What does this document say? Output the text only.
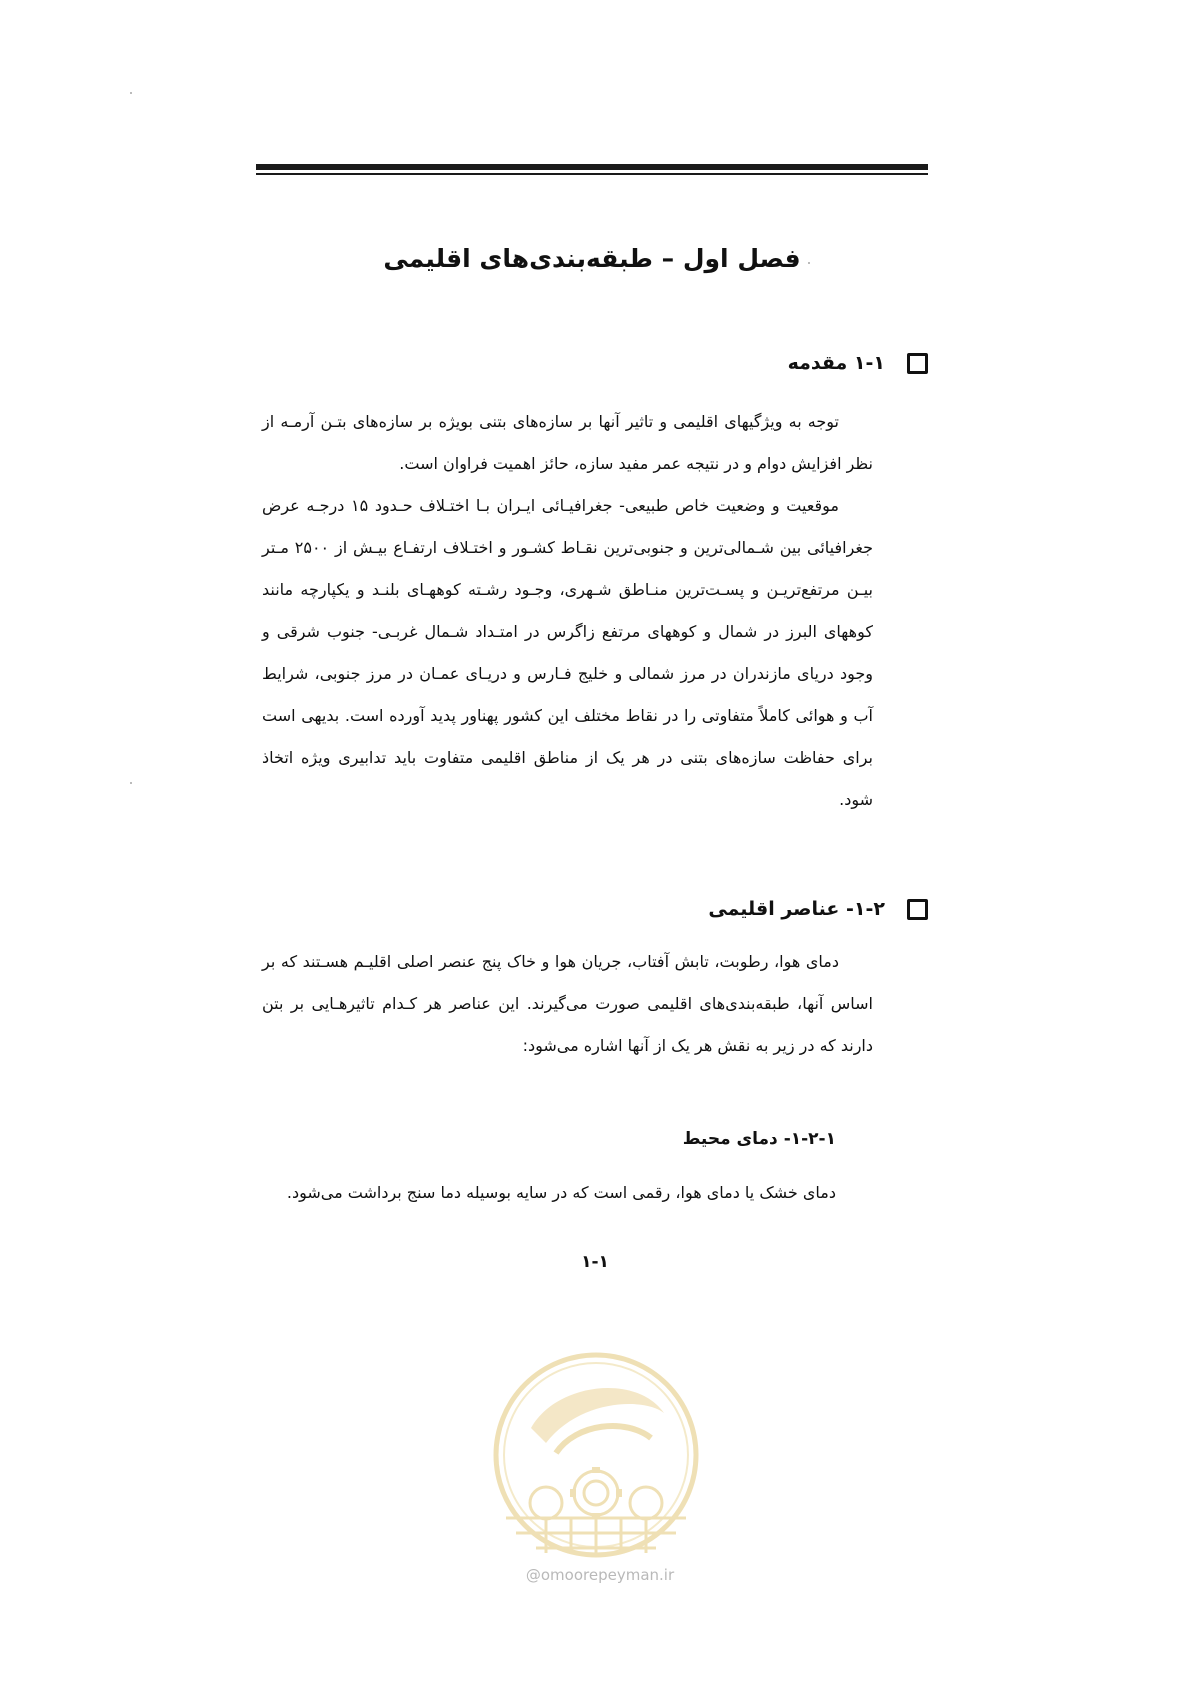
فصل اول – طبقه‌بندی‌های اقلیمی
۱-۱ مقدمه

توجه به ویژگیهای اقلیمی و تاثیر آنها بر سازه‌های بتنی بویژه بر سازه‌های بتـن آرمـه از نظر افزایش دوام و در نتیجه عمر مفید سازه، حائز اهمیت فراوان است.

موقعیت و وضعیت خاص طبیعی- جغرافیـائی ایـران بـا اختـلاف حـدود ۱۵ درجـه عرض جغرافیائی بین شـمالی‌ترین و جنوبی‌ترین نقـاط کشـور و اختـلاف ارتفـاع بیـش از ۲۵۰۰ مـتر بیـن مرتفع‌تریـن و پسـت‌ترین منـاطق شـهری، وجـود رشـته کوههـای بلنـد و یکپارچه مانند کوههای البرز در شمال و کوههای مرتفع زاگرس در امتـداد شـمال غربـی- جنوب شرقی و وجود دریای مازندران در مرز شمالی و خلیج فـارس و دریـای عمـان در مرز جنوبی، شرایط آب و هوائی کاملاً متفاوتی را در نقاط مختلف این کشور پهناور پدید آورده است. بدیهی است برای حفاظت سازه‌های بتنی در هر یک از مناطق اقلیمی متفاوت باید تدابیری ویژه اتخاذ شود.

۱-۲- عناصر اقلیمی

دمای هوا، رطوبت، تابش آفتاب، جریان هوا و خاک پنج عنصر اصلی اقلیـم هسـتند که بر اساس آنها، طبقه‌بندی‌های اقلیمی صورت می‌گیرند. این عناصر هر کـدام تاثیرهـایی بر بتن دارند که در زیر به نقش هر یک از آنها اشاره می‌شود:

۱-۲-۱- دمای محیط

دمای خشک یا دمای هوا، رقمی است که در سایه بوسیله دما سنج برداشت می‌شود.

۱-۱

@omoorepeyman.ir
